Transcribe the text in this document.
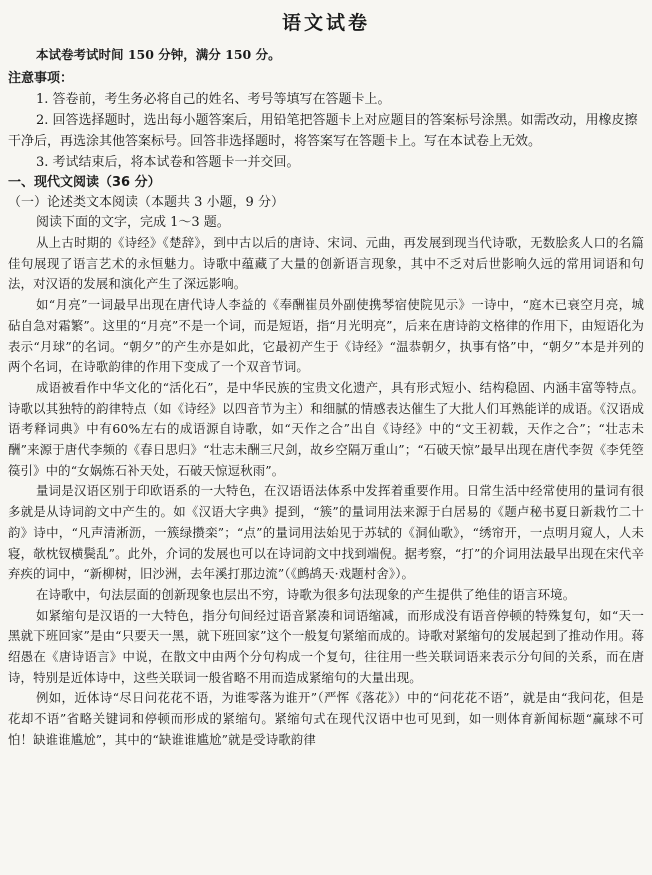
语文试卷
本试卷考试时间 150 分钟，满分 150 分。
注意事项：

1. 答卷前，考生务必将自己的姓名、考号等填写在答题卡上。

2. 回答选择题时，选出每小题答案后，用铅笔把答题卡上对应题目的答案标号涂黑。如需改动，用橡皮擦干净后，再选涂其他答案标号。回答非选择题时，将答案写在答题卡上。写在本试卷上无效。

3. 考试结束后，将本试卷和答题卡一并交回。

一、现代文阅读（36 分）
（一）论述类文本阅读（本题共 3 小题，9 分）
阅读下面的文字，完成 1～3 题。

从上古时期的《诗经》《楚辞》，到中古以后的唐诗、宋词、元曲，再发展到现当代诗歌，无数脍炙人口的名篇佳句展现了语言艺术的永恒魅力。诗歌中蕴藏了大量的创新语言现象，其中不乏对后世影响久远的常用词语和句法，对汉语的发展和演化产生了深远影响。

如“月亮”一词最早出现在唐代诗人李益的《奉酬崔员外副使携琴宿使院见示》一诗中，“庭木已衰空月亮，城砧自急对霜繁”。这里的“月亮”不是一个词，而是短语，指“月光明亮”，后来在唐诗韵文格律的作用下，由短语化为表示“月球”的名词。“朝夕”的产生亦是如此，它最初产生于《诗经》“温恭朝夕，执事有恪”中，“朝夕”本是并列的两个名词，在诗歌韵律的作用下变成了一个双音节词。

成语被看作中华文化的“活化石”，是中华民族的宝贵文化遗产，具有形式短小、结构稳固、内涵丰富等特点。诗歌以其独特的韵律特点（如《诗经》以四音节为主）和细腻的情感表达催生了大批人们耳熟能详的成语。《汉语成语考释词典》中有60%左右的成语源自诗歌，如“天作之合”出自《诗经》中的“文王初载，天作之合”；“壮志未酬”来源于唐代李频的《春日思归》“壮志未酬三尺剑，故乡空隔万重山”；“石破天惊”最早出现在唐代李贺《李凭箜篌引》中的“女娲炼石补天处，石破天惊逗秋雨”。

量词是汉语区别于印欧语系的一大特色，在汉语语法体系中发挥着重要作用。日常生活中经常使用的量词有很多就是从诗词韵文中产生的。如《汉语大字典》提到，“簇”的量词用法来源于白居易的《题卢秘书夏日新栽竹二十韵》诗中，“凡声清淅沥，一簇绿攒栾”；“点”的量词用法始见于苏轼的《洞仙歌》，“绣帘开，一点明月窥人，人未寝，欹枕钗横鬓乱”。此外，介词的发展也可以在诗词韵文中找到端倪。据考察，“打”的介词用法最早出现在宋代辛弃疾的词中，“新柳树，旧沙洲，去年溪打那边流”（《鹧鸪天·戏题村舍》）。

在诗歌中，句法层面的创新现象也层出不穷，诗歌为很多句法现象的产生提供了绝佳的语言环境。

如紧缩句是汉语的一大特色，指分句间经过语音紧凑和词语缩减，而形成没有语音停顿的特殊复句，如“天一黑就下班回家”是由“只要天一黑，就下班回家”这个一般复句紧缩而成的。诗歌对紧缩句的发展起到了推动作用。蒋绍愚在《唐诗语言》中说，在散文中由两个分句构成一个复句，往往用一些关联词语来表示分句间的关系，而在唐诗，特别是近体诗中，这些关联词一般省略不用而造成紧缩句的大量出现。

例如，近体诗“尽日问花花不语，为谁零落为谁开”（严恽《落花》）中的“问花花不语”，就是由“我问花，但是花却不语”省略关键词和停顿而形成的紧缩句。紧缩句式在现代汉语中也可见到，如一则体育新闻标题“赢球不可怕！缺谁谁尴尬”，其中的“缺谁谁尴尬”就是受诗歌韵律
